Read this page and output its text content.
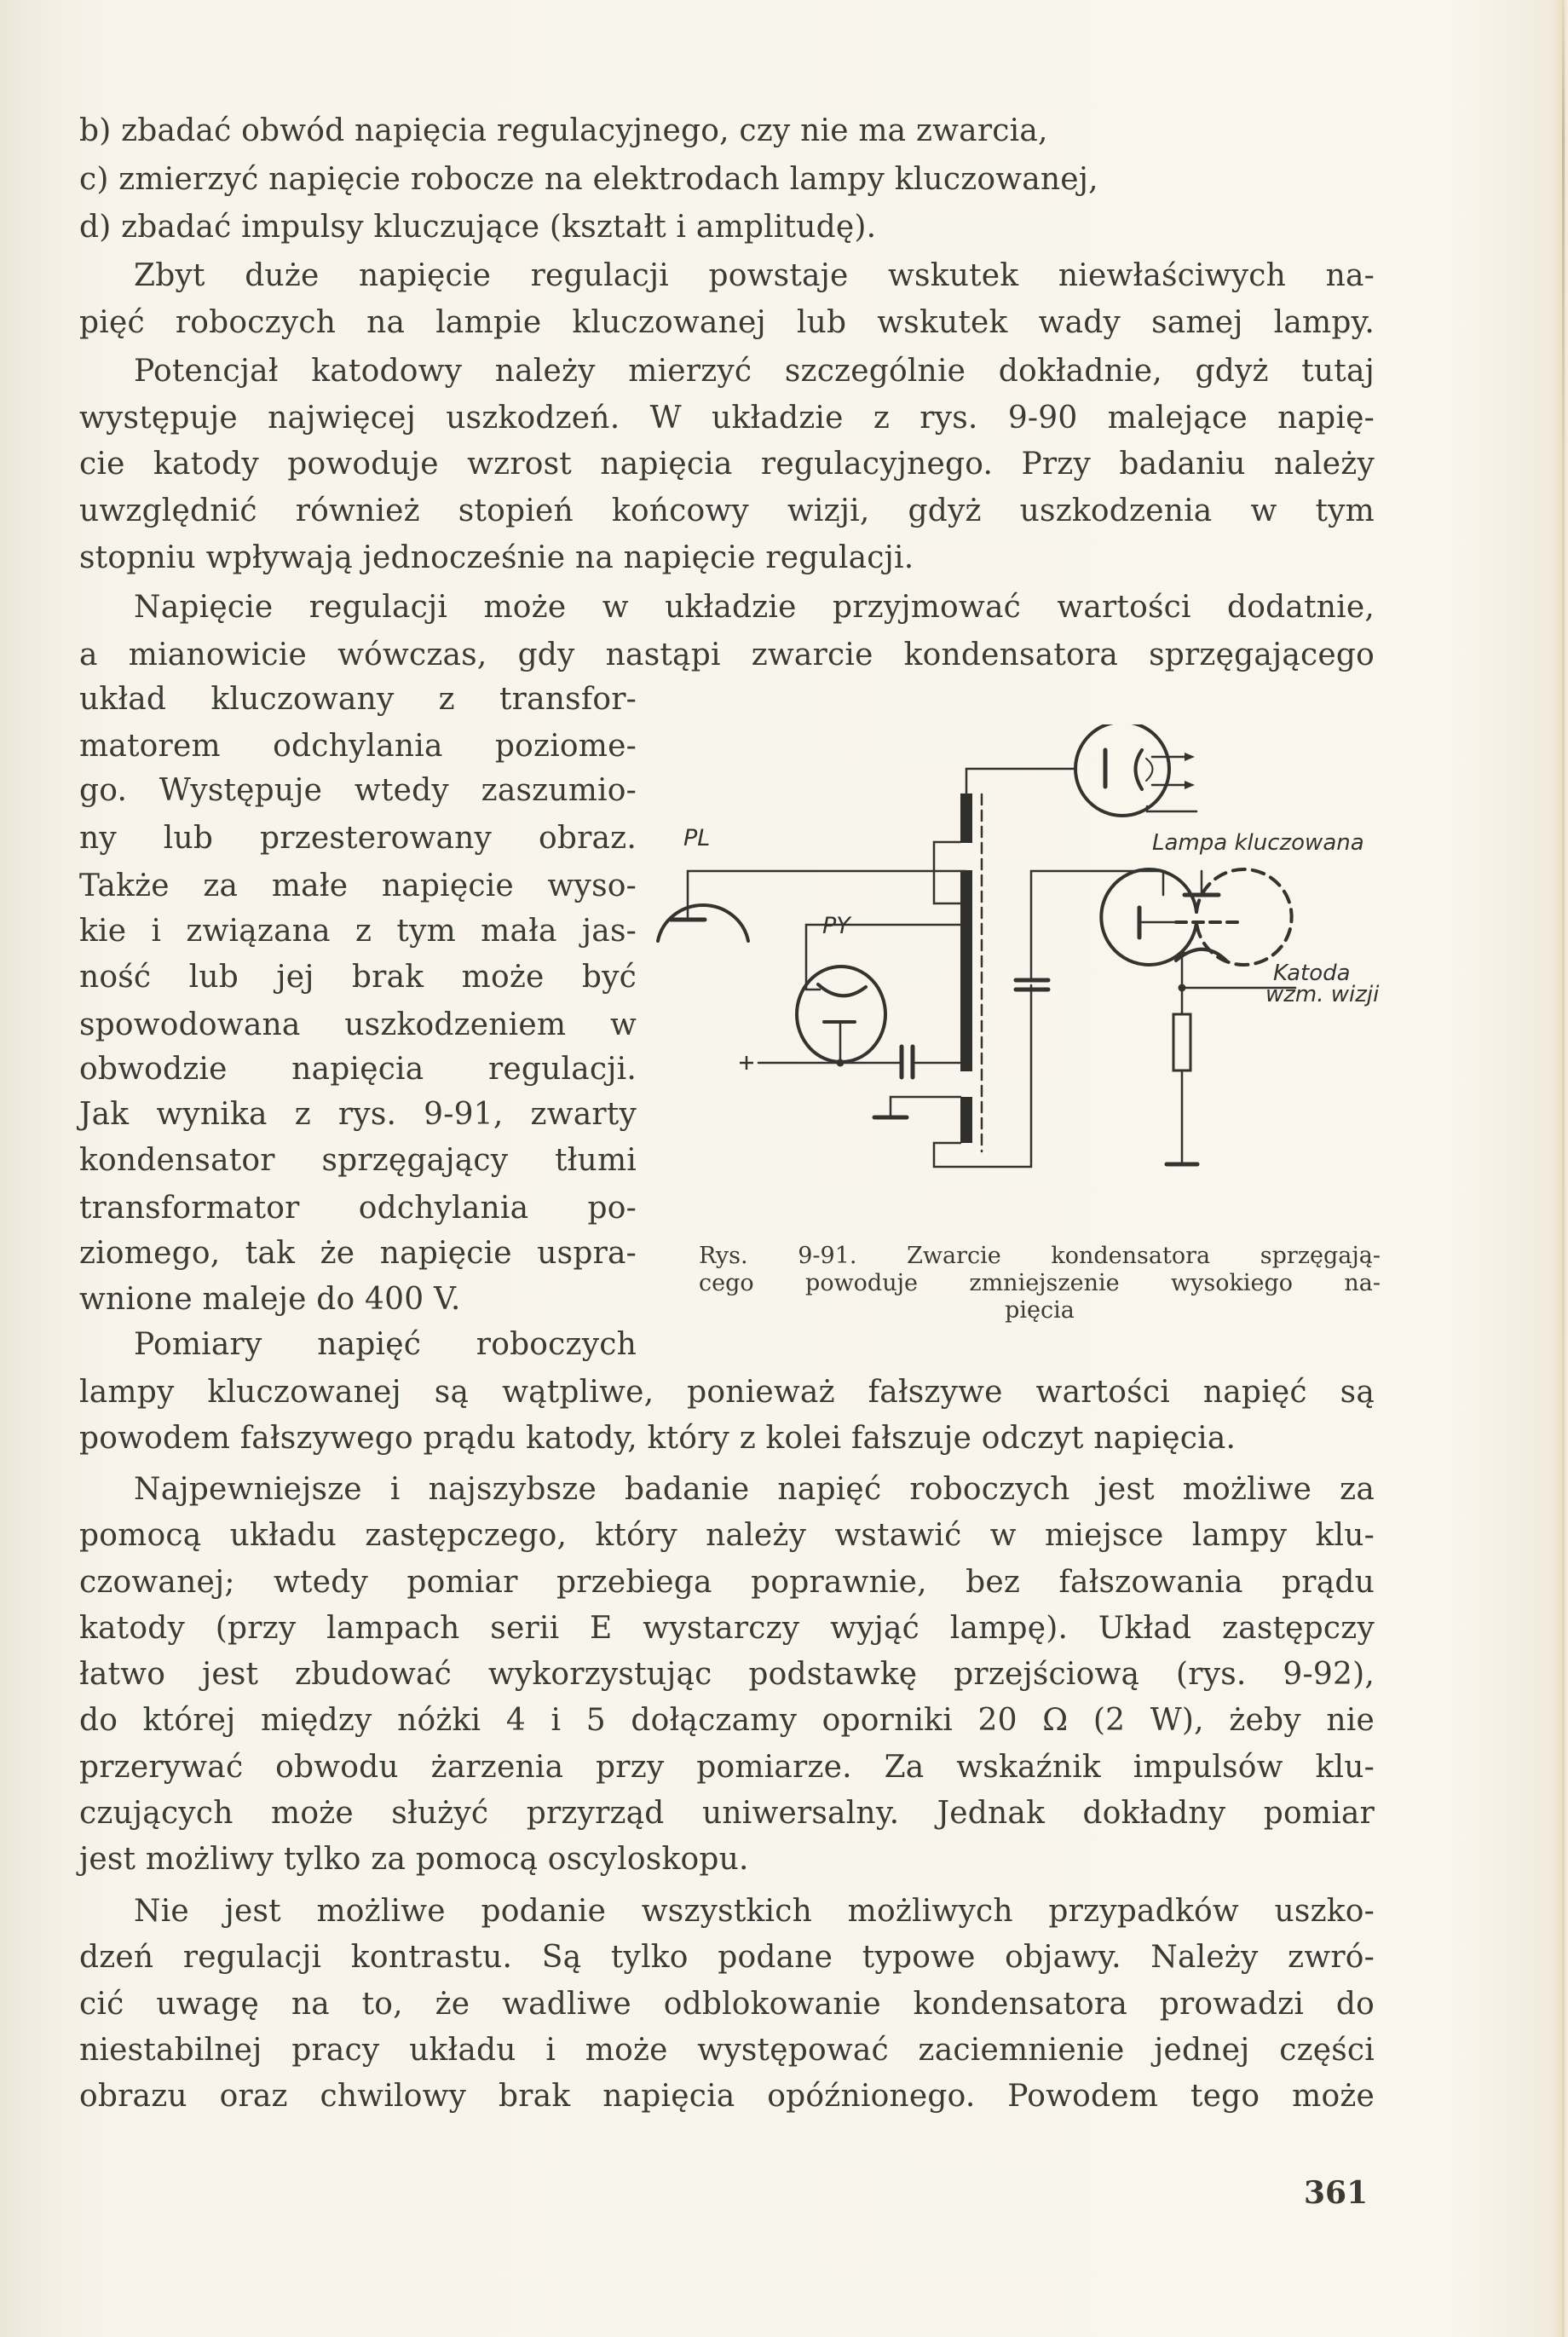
b) zbadać obwód napięcia regulacyjnego, czy nie ma zwarcia,
c) zmierzyć napięcie robocze na elektrodach lampy kluczowanej,
d) zbadać impulsy kluczujące (kształt i amplitudę).
Zbyt duże napięcie regulacji powstaje wskutek niewłaściwych na-
pięć roboczych na lampie kluczowanej lub wskutek wady samej lampy.
Potencjał katodowy należy mierzyć szczególnie dokładnie, gdyż tutaj
występuje najwięcej uszkodzeń. W układzie z rys. 9-90 malejące napię-
cie katody powoduje wzrost napięcia regulacyjnego. Przy badaniu należy
uwzględnić również stopień końcowy wizji, gdyż uszkodzenia w tym
stopniu wpływają jednocześnie na napięcie regulacji.
Napięcie regulacji może w układzie przyjmować wartości dodatnie,
a mianowicie wówczas, gdy nastąpi zwarcie kondensatora sprzęgającego
układ kluczowany z transfor-
matorem odchylania poziome-
go. Występuje wtedy zaszumio-
ny lub przesterowany obraz.
Także za małe napięcie wyso-
kie i związana z tym mała jas-
ność lub jej brak może być
spowodowana uszkodzeniem w
obwodzie napięcia regulacji.
Jak wynika z rys. 9-91, zwarty
kondensator sprzęgający tłumi
transformator odchylania po-
ziomego, tak że napięcie uspra-
wnione maleje do 400 V.
Pomiary napięć roboczych
Rys. 9-91. Zwarcie kondensatora sprzęgają-
cego powoduje zmniejszenie wysokiego na-
pięcia
lampy kluczowanej są wątpliwe, ponieważ fałszywe wartości napięć są
powodem fałszywego prądu katody, który z kolei fałszuje odczyt napięcia.
Najpewniejsze i najszybsze badanie napięć roboczych jest możliwe za
pomocą układu zastępczego, który należy wstawić w miejsce lampy klu-
czowanej; wtedy pomiar przebiega poprawnie, bez fałszowania prądu
katody (przy lampach serii E wystarczy wyjąć lampę). Układ zastępczy
łatwo jest zbudować wykorzystując podstawkę przejściową (rys. 9-92),
do której między nóżki 4 i 5 dołączamy oporniki 20 Ω (2 W), żeby nie
przerywać obwodu żarzenia przy pomiarze. Za wskaźnik impulsów klu-
czujących może służyć przyrząd uniwersalny. Jednak dokładny pomiar
jest możliwy tylko za pomocą oscyloskopu.
Nie jest możliwe podanie wszystkich możliwych przypadków uszko-
dzeń regulacji kontrastu. Są tylko podane typowe objawy. Należy zwró-
cić uwagę na to, że wadliwe odblokowanie kondensatora prowadzi do
niestabilnej pracy układu i może występować zaciemnienie jednej części
obrazu oraz chwilowy brak napięcia opóźnionego. Powodem tego może
361
PL
PY
Lampa kluczowana
Katoda
wzm. wizji
